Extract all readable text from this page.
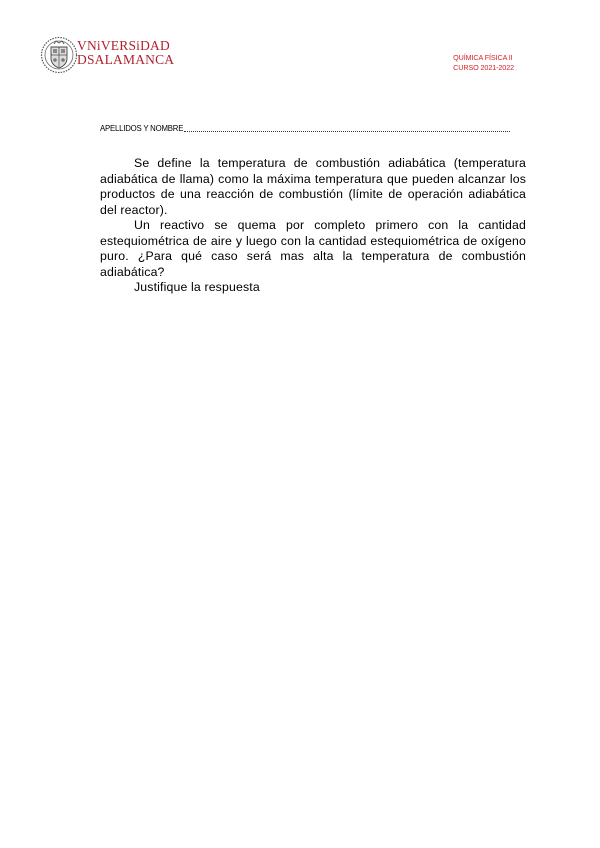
VNiVERSiDAD
DSALAMANCA	QUÍMICA FÍSICA II
CURSO 2021-2022
APELLIDOS Y NOMBRE

Se define la temperatura de combustión adiabática (temperatura adiabática de llama) como la máxima temperatura que pueden alcanzar los productos de una reacción de combustión (límite de operación adiabática del reactor).

Un reactivo se quema por completo primero con la cantidad estequiométrica de aire y luego con la cantidad estequiométrica de oxígeno puro. ¿Para qué caso será mas alta la temperatura de combustión adiabática?

Justifique la respuesta
